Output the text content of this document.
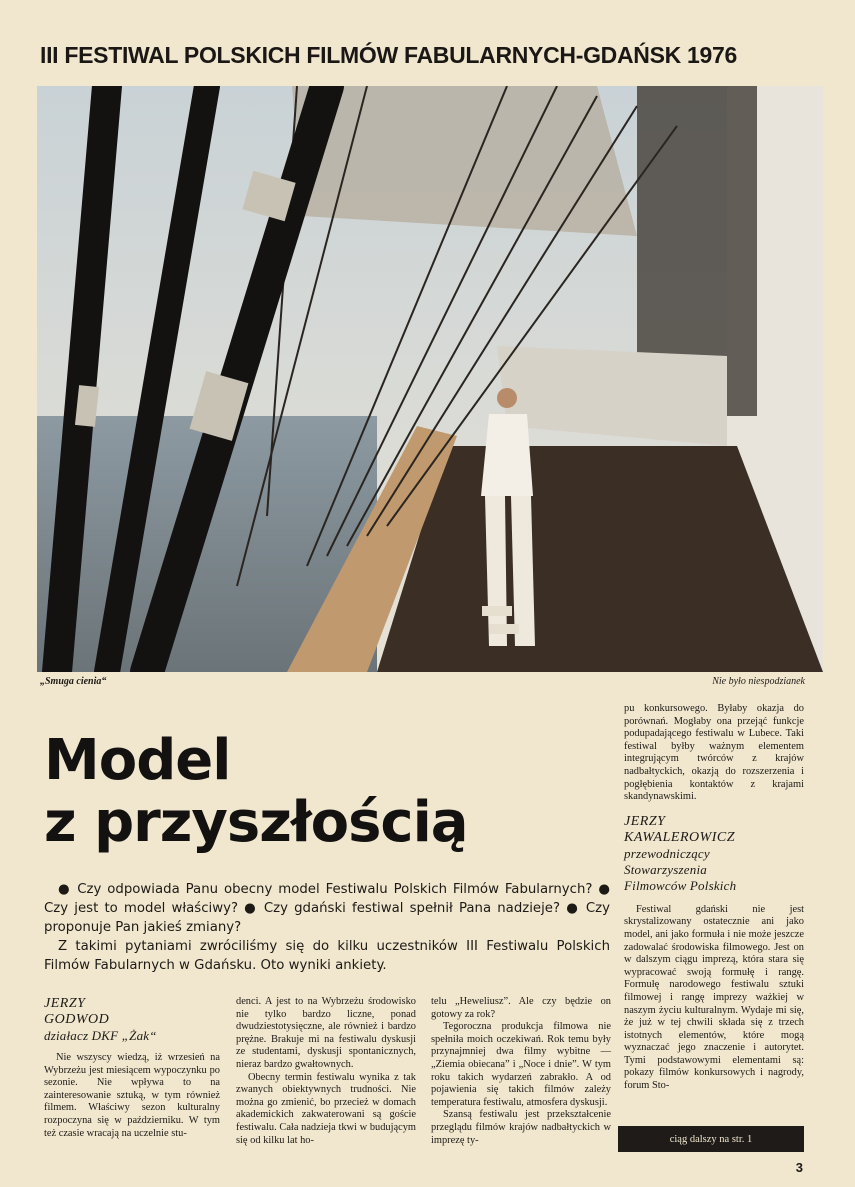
III FESTIWAL POLSKICH FILMÓW FABULARNYCH-GDAŃSK 1976
„Smuga cienia“	Nie było niespodzianek
Model
z przyszłością

● Czy odpowiada Panu obecny model Festiwalu Polskich Filmów Fabularnych? ● Czy jest to model właściwy? ● Czy gdański festiwal spełnił Pana nadzieje? ● Czy proponuje Pan jakieś zmiany?

Z takimi pytaniami zwróciliśmy się do kilku uczestników III Festiwalu Polskich Filmów Fabularnych w Gdańsku. Oto wyniki ankiety.

JERZY
GODWOD
działacz DKF „Żak“

Nie wszyscy wiedzą, iż wrzesień na Wybrzeżu jest miesiącem wypoczynku po sezonie. Nie wpływa to na zainteresowanie sztuką, w tym również filmem. Właściwy sezon kulturalny rozpoczyna się w październiku. W tym też czasie wracają na uczelnie stu-

denci. A jest to na Wybrzeżu środowisko nie tylko bardzo liczne, ponad dwudziestotysięczne, ale również i bardzo prężne. Brakuje mi na festiwalu dyskusji ze studentami, dyskusji spontanicznych, nieraz bardzo gwałtownych.

Obecny termin festiwalu wynika z tak zwanych obiektywnych trudności. Nie można go zmienić, bo przecież w domach akademickich zakwaterowani są goście festiwalu. Cała nadzieja tkwi w budującym się od kilku lat ho-

telu „Heweliusz”. Ale czy będzie on gotowy za rok?

Tegoroczna produkcja filmowa nie spełniła moich oczekiwań. Rok temu były przynajmniej dwa filmy wybitne — „Ziemia obiecana” i „Noce i dnie”. W tym roku takich wydarzeń zabrakło. A od pojawienia się takich filmów zależy temperatura festiwalu, atmosfera dyskusji.

Szansą festiwalu jest przekształcenie przeglądu filmów krajów nadbałtyckich w imprezę ty-

pu konkursowego. Byłaby okazja do porównań. Mogłaby ona przejąć funkcje podupadającego festiwalu w Lubece. Taki festiwal byłby ważnym elementem integrującym twórców z krajów nadbałtyckich, okazją do rozszerzenia i pogłębienia kontaktów z krajami skandynawskimi.

JERZY
KAWALEROWICZ
przewodniczący
Stowarzyszenia
Filmowców Polskich

Festiwal gdański nie jest skrystalizowany ostatecznie ani jako model, ani jako formuła i nie może jeszcze zadowalać środowiska filmowego. Jest on w dalszym ciągu imprezą, która stara się wypracować swoją formułę i rangę. Formułę narodowego festiwalu sztuki filmowej i rangę imprezy ważkiej w naszym życiu kulturalnym. Wydaje mi się, że już w tej chwili składa się z trzech istotnych elementów, które mogą wyznaczać jego znaczenie i autorytet. Tymi podstawowymi elementami są: pokazy filmów konkursowych i nagrody, forum Sto-

ciąg dalszy na str. 1
3
